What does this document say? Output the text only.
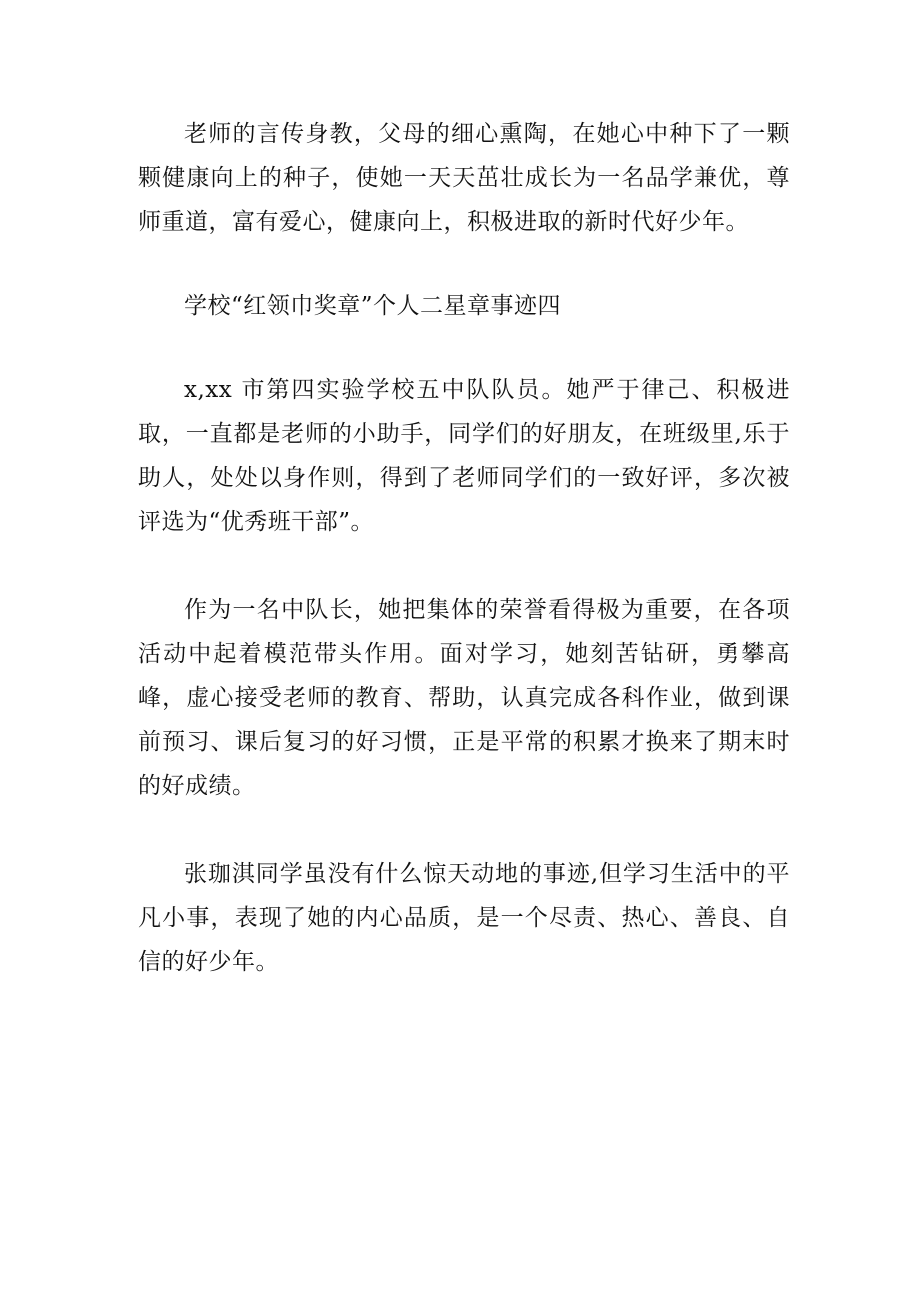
老师的言传身教，父母的细心熏陶，在她心中种下了一颗颗健康向上的种子，使她一天天茁壮成长为一名品学兼优，尊师重道，富有爱心，健康向上，积极进取的新时代好少年。

学校“红领巾奖章”个人二星章事迹四

x,xx 市第四实验学校五中队队员。她严于律己、积极进取，一直都是老师的小助手，同学们的好朋友，在班级里,乐于助人，处处以身作则，得到了老师同学们的一致好评，多次被评选为“优秀班干部”。

作为一名中队长，她把集体的荣誉看得极为重要，在各项活动中起着模范带头作用。面对学习，她刻苦钻研，勇攀高峰，虚心接受老师的教育、帮助，认真完成各科作业，做到课前预习、课后复习的好习惯，正是平常的积累才换来了期末时的好成绩。

张珈淇同学虽没有什么惊天动地的事迹,但学习生活中的平凡小事，表现了她的内心品质，是一个尽责、热心、善良、自信的好少年。
